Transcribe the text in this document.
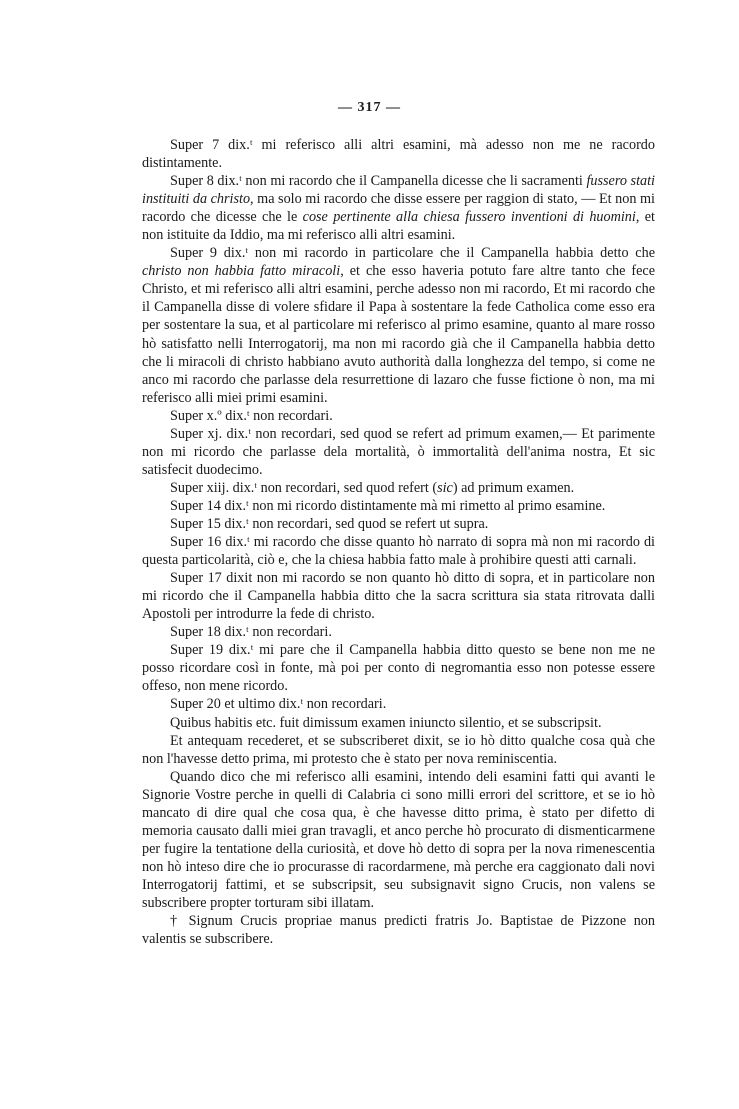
— 317 —

Super 7 dix.ᵗ mi referisco alli altri esamini, mà adesso non me ne racordo distintamente.

Super 8 dix.ᵗ non mi racordo che il Campanella dicesse che li sacramenti fussero stati instituiti da christo, ma solo mi racordo che disse essere per raggion di stato, — Et non mi racordo che dicesse che le cose pertinente alla chiesa fussero inventioni di huomini, et non istituite da Iddio, ma mi referisco alli altri esamini.

Super 9 dix.ᵗ non mi racordo in particolare che il Campanella habbia detto che christo non habbia fatto miracoli, et che esso haveria potuto fare altre tanto che fece Christo, et mi referisco alli altri esamini, perche adesso non mi racordo, Et mi racordo che il Campanella disse di volere sfidare il Papa à sostentare la fede Catholica come esso era per sostentare la sua, et al particolare mi referisco al primo esamine, quanto al mare rosso hò satisfatto nelli Interrogatorij, ma non mi racordo già che il Campanella habbia detto che li miracoli di christo habbiano avuto authorità dalla longhezza del tempo, si come ne anco mi racordo che parlasse dela resurrettione di lazaro che fusse fictione ò non, ma mi referisco alli miei primi esamini.

Super x.º dix.ᵗ non recordari.

Super xj. dix.ᵗ non recordari, sed quod se refert ad primum examen,— Et parimente non mi ricordo che parlasse dela mortalità, ò immortalità dell'anima nostra, Et sic satisfecit duodecimo.

Super xiij. dix.ᵗ non recordari, sed quod refert (sic) ad primum examen.

Super 14 dix.ᵗ non mi ricordo distintamente mà mi rimetto al primo esamine.

Super 15 dix.ᵗ non recordari, sed quod se refert ut supra.

Super 16 dix.ᵗ mi racordo che disse quanto hò narrato di sopra mà non mi racordo di questa particolarità, ciò e, che la chiesa habbia fatto male à prohibire questi atti carnali.

Super 17 dixit non mi racordo se non quanto hò ditto di sopra, et in particolare non mi ricordo che il Campanella habbia ditto che la sacra scrittura sia stata ritrovata dalli Apostoli per introdurre la fede di christo.

Super 18 dix.ᵗ non recordari.

Super 19 dix.ᵗ mi pare che il Campanella habbia ditto questo se bene non me ne posso ricordare così in fonte, mà poi per conto di negromantia esso non potesse essere offeso, non mene ricordo.

Super 20 et ultimo dix.ᵗ non recordari.

Quibus habitis etc. fuit dimissum examen iniuncto silentio, et se subscripsit.

Et antequam recederet, et se subscriberet dixit, se io hò ditto qualche cosa quà che non l'havesse detto prima, mi protesto che è stato per nova reminiscentia.

Quando dico che mi referisco alli esamini, intendo deli esamini fatti qui avanti le Signorie Vostre perche in quelli di Calabria ci sono milli errori del scrittore, et se io hò mancato di dire qual che cosa qua, è che havesse ditto prima, è stato per difetto di memoria causato dalli miei gran travagli, et anco perche hò procurato di dismenticarmene per fugire la tentatione della curiosità, et dove hò detto di sopra per la nova rimenescentia non hò inteso dire che io procurasse di racordarmene, mà perche era caggionato dali novi Interrogatorij fattimi, et se subscripsit, seu subsignavit signo Crucis, non valens se subscribere propter torturam sibi illatam.

† Signum Crucis propriae manus predicti fratris Jo. Baptistae de Pizzone non valentis se subscribere.
